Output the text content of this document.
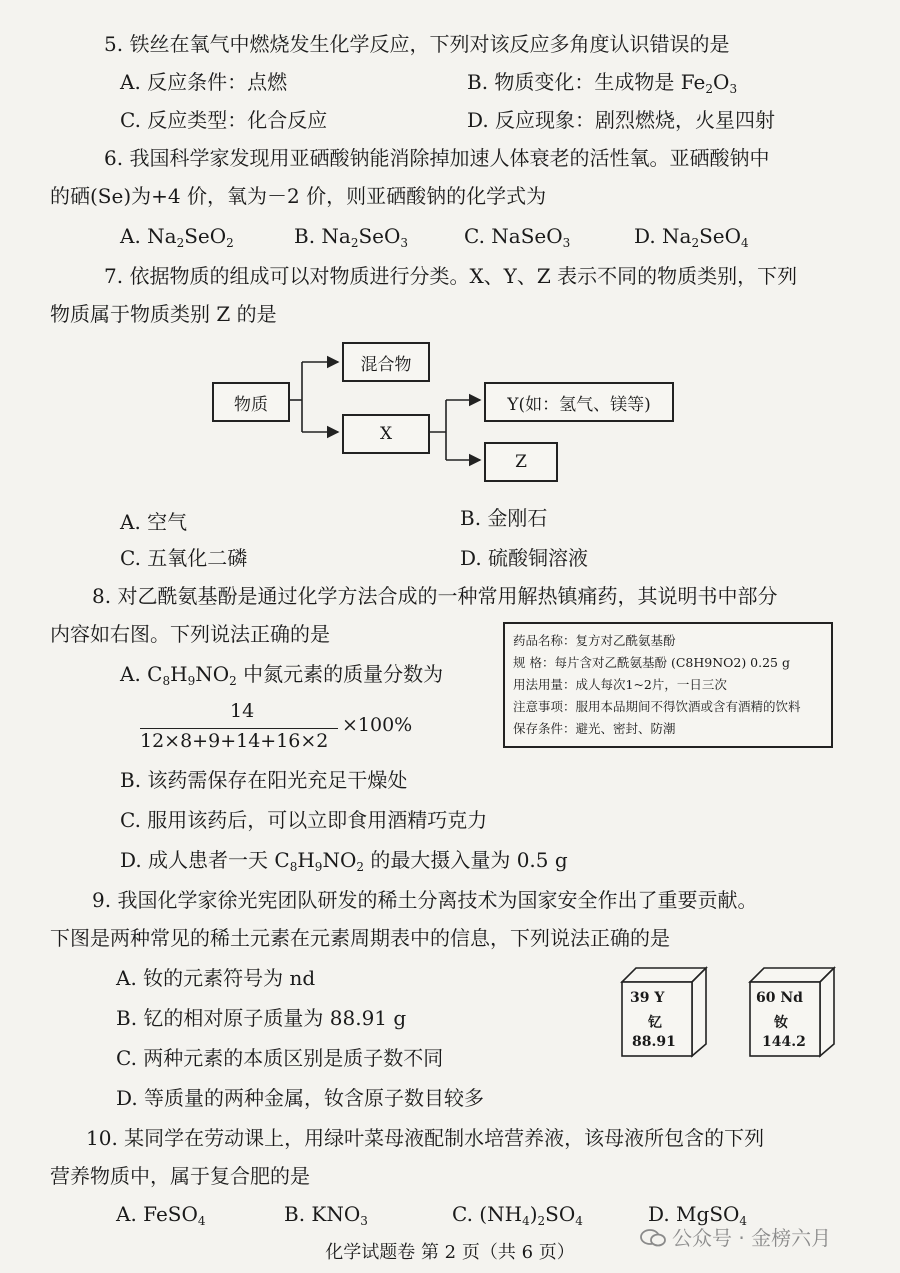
5. 铁丝在氧气中燃烧发生化学反应，下列对该反应多角度认识错误的是
A. 反应条件：点燃	B. 物质变化：生成物是 $Fe_2O_3$
C. 反应类型：化合反应	D. 反应现象：剧烈燃烧，火星四射
6. 我国科学家发现用亚硒酸钠能消除掉加速人体衰老的活性氧。亚硒酸钠中
的硒(Se)为+4 价，氧为－2 价，则亚硒酸钠的化学式为
A. $Na_2SeO_2$	B. $Na_2SeO_3$	C. NaSeO$_3$	D. $Na_2SeO_4$
7. 依据物质的组成可以对物质进行分类。X、Y、Z 表示不同的物质类别，下列
物质属于物质类别 Z 的是
物质
混合物
X
Y(如：氢气、镁等)
Z
A. 空气	B. 金刚石
C. 五氧化二磷	D. 硫酸铜溶液
8. 对乙酰氨基酚是通过化学方法合成的一种常用解热镇痛药，其说明书中部分
内容如右图。下列说法正确的是
A. $C_8H_9NO_2$ 中氮元素的质量分数为
14
12×8+9+14+16×2
×100%
药品名称：复方对乙酰氨基酚
规 格：每片含对乙酰氨基酚 (C8H9NO2) 0.25 g
用法用量：成人每次1~2片，一日三次
注意事项：服用本品期间不得饮酒或含有酒精的饮料
保存条件：避光、密封、防潮
B. 该药需保存在阳光充足干燥处
C. 服用该药后，可以立即食用酒精巧克力
D. 成人患者一天 $C_8H_9NO_2$ 的最大摄入量为 0.5 g
9. 我国化学家徐光宪团队研发的稀土分离技术为国家安全作出了重要贡献。
下图是两种常见的稀土元素在元素周期表中的信息，下列说法正确的是
A. 钕的元素符号为 nd
B. 钇的相对原子质量为 88.91 g
C. 两种元素的本质区别是质子数不同
D. 等质量的两种金属，钕含原子数目较多
39 Y
钇
88.91
60 Nd
钕
144.2
10. 某同学在劳动课上，用绿叶菜母液配制水培营养液，该母液所包含的下列
营养物质中，属于复合肥的是
A. FeSO$_4$	B. $KNO_3$	C. $(NH_4)_2SO_4$	D. MgSO$_4$
公众号 · 金榜六月
化学试题卷 第 2 页（共 6 页）
